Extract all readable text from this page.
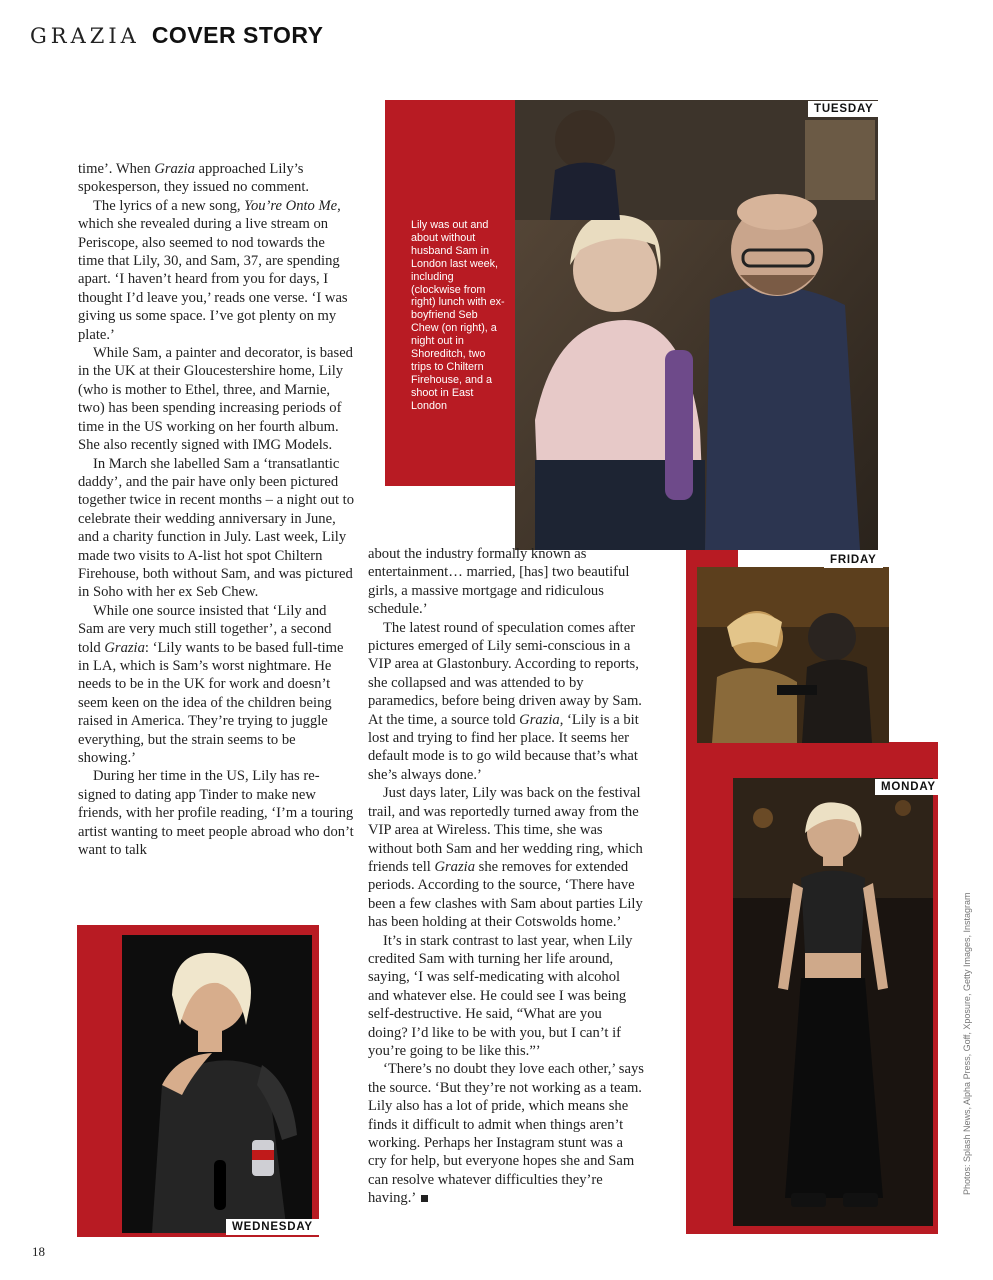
GRAZIA COVER STORY
TUESDAY
Lily was out and about without husband Sam in London last week, including (clockwise from right) lunch with ex-boyfriend Seb Chew (on right), a night out in Shoreditch, two trips to Chiltern Firehouse, and a shoot in East London
FRIDAY
MONDAY
WEDNESDAY

time’. When Grazia approached Lily’s spokesperson, they issued no comment.

The lyrics of a new song, You’re Onto Me, which she revealed during a live stream on Periscope, also seemed to nod towards the time that Lily, 30, and Sam, 37, are spending apart. ‘I haven’t heard from you for days, I thought I’d leave you,’ reads one verse. ‘I was giving us some space. I’ve got plenty on my plate.’

While Sam, a painter and decorator, is based in the UK at their Gloucestershire home, Lily (who is mother to Ethel, three, and Marnie, two) has been spending increasing periods of time in the US working on her fourth album. She also recently signed with IMG Models.

In March she labelled Sam a ‘transatlantic daddy’, and the pair have only been pictured together twice in recent months – a night out to celebrate their wedding anniversary in June, and a charity function in July. Last week, Lily made two visits to A-list hot spot Chiltern Firehouse, both without Sam, and was pictured in Soho with her ex Seb Chew.

While one source insisted that ‘Lily and Sam are very much still together’, a second told Grazia: ‘Lily wants to be based full-time in LA, which is Sam’s worst nightmare. He needs to be in the UK for work and doesn’t seem keen on the idea of the children being raised in America. They’re trying to juggle everything, but the strain seems to be showing.’

During her time in the US, Lily has re-signed to dating app Tinder to make new friends, with her profile reading, ‘I’m a touring artist wanting to meet people abroad who don’t want to talk

about the industry formally known as entertainment… married, [has] two beautiful girls, a massive mortgage and ridiculous schedule.’

The latest round of speculation comes after pictures emerged of Lily semi-conscious in a VIP area at Glastonbury. According to reports, she collapsed and was attended to by paramedics, before being driven away by Sam. At the time, a source told Grazia, ‘Lily is a bit lost and trying to find her place. It seems her default mode is to go wild because that’s what she’s always done.’

Just days later, Lily was back on the festival trail, and was reportedly turned away from the VIP area at Wireless. This time, she was without both Sam and her wedding ring, which friends tell Grazia she removes for extended periods. According to the source, ‘There have been a few clashes with Sam about parties Lily has been holding at their Cotswolds home.’

It’s in stark contrast to last year, when Lily credited Sam with turning her life around, saying, ‘I was self-medicating with alcohol and whatever else. He could see I was being self-destructive. He said, “What are you doing? I’d like to be with you, but I can’t if you’re going to be like this.”’

‘There’s no doubt they love each other,’ says the source. ‘But they’re not working as a team. Lily also has a lot of pride, which means she finds it difficult to admit when things aren’t working. Perhaps her Instagram stunt was a cry for help, but everyone hopes she and Sam can resolve whatever difficulties they’re having.’

Photos: Splash News, Alpha Press, Goff, Xposure, Getty Images, Instagram
18
